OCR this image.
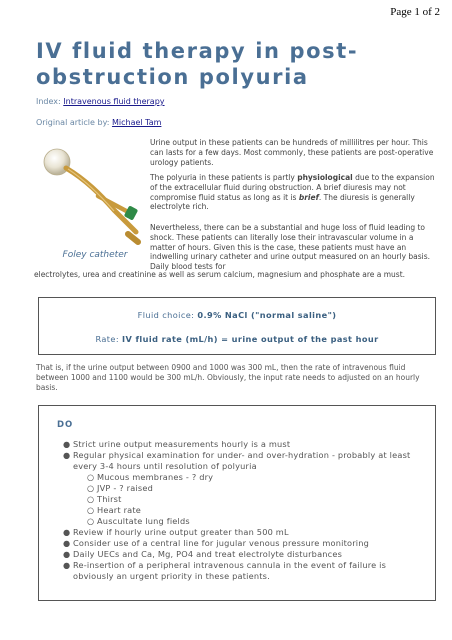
Page 1 of 2
IV fluid therapy in post-obstruction polyuria
Index: Intravenous fluid therapy
Original article by: Michael Tam
Foley catheter

Urine output in these patients can be hundreds of millilitres per hour. This can lasts for a few days. Most commonly, these patients are post-operative urology patients.

The polyuria in these patients is partly physiological due to the expansion of the extracellular fluid during obstruction. A brief diuresis may not compromise fluid status as long as it is brief. The diuresis is generally electrolyte rich.

Nevertheless, there can be a substantial and huge loss of fluid leading to shock. These patients can literally lose their intravascular volume in a matter of hours. Given this is the case, these patients must have an indwelling urinary catheter and urine output measured on an hourly basis. Daily blood tests for

electrolytes, urea and creatinine as well as serum calcium, magnesium and phosphate are a must.

Fluid choice: 0.9% NaCl ("normal saline")
Rate: IV fluid rate (mL/h) = urine output of the past hour

That is, if the urine output between 0900 and 1000 was 300 mL, then the rate of intravenous fluid between 1000 and 1100 would be 300 mL/h. Obviously, the input rate needs to adjusted on an hourly basis.

DO
● Strict urine output measurements hourly is a must
● Regular physical examination for under- and over-hydration - probably at least every 3-4 hours until resolution of polyuria
○ Mucous membranes - ? dry
○ JVP - ? raised
○ Thirst
○ Heart rate
○ Auscultate lung fields
● Review if hourly urine output greater than 500 mL
● Consider use of a central line for jugular venous pressure monitoring
● Daily UECs and Ca, Mg, PO4 and treat electrolyte disturbances
● Re-insertion of a peripheral intravenous cannula in the event of failure is obviously an urgent priority in these patients.
